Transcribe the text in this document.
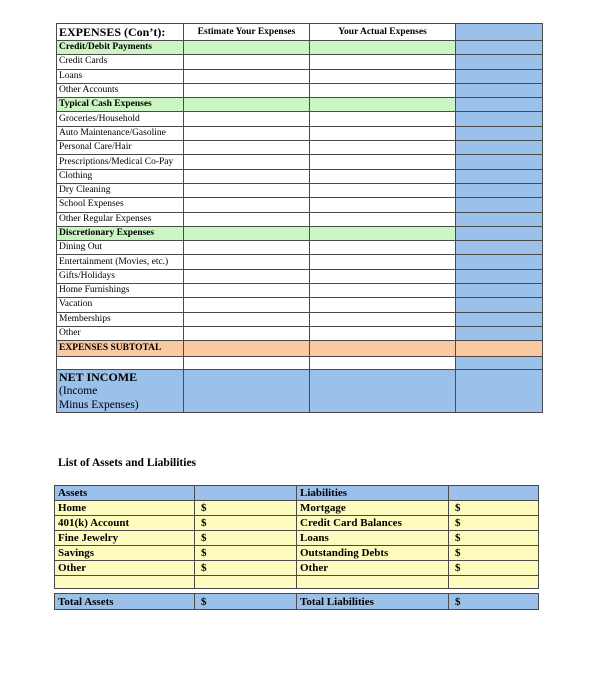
EXPENSES (Con’t):	Estimate Your Expenses	Your Actual Expenses	
Credit/Debit Payments			
Credit Cards			
Loans			
Other Accounts			
Typical Cash Expenses			
Groceries/Household			
Auto Maintenance/Gasoline			
Personal Care/Hair			
Prescriptions/Medical Co-Pay			
Clothing			
Dry Cleaning			
School Expenses			
Other Regular Expenses			
Discretionary Expenses			
Dining Out			
Entertainment (Movies, etc.)			
Gifts/Holidays			
Home Furnishings			
Vacation			
Memberships			
Other			
EXPENSES SUBTOTAL			

NET INCOME
(Income
Minus Expenses)			

List of Assets and Liabilities
Assets		Liabilities	
Home	$	Mortgage	$
401(k) Account	$	Credit Card Balances	$
Fine Jewelry	$	Loans	$
Savings	$	Outstanding Debts	$
Other	$	Other	$

Total Assets	$	Total Liabilities	$
